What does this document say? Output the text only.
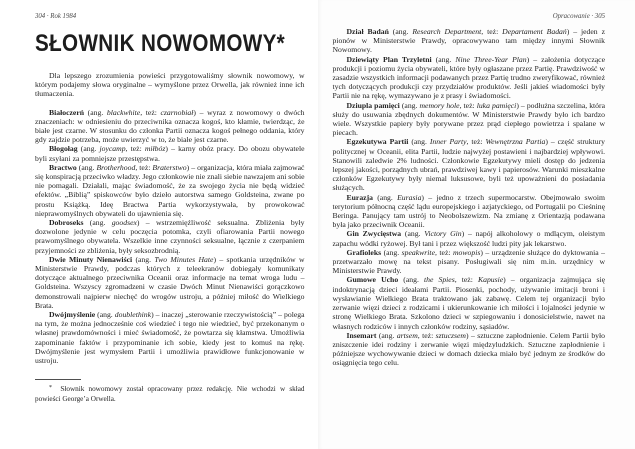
304 · Rok 1984
SŁOWNIK NOWOMOWY*

Dla lepszego zrozumienia powieści przygotowaliśmy słownik nowomowy, w którym podajemy słowa oryginalne – wymyślone przez Orwella, jak również inne ich tłumaczenia.

Białoczerń (ang. blackwhite, też: czarnobiał) – wyraz z nowomowy o dwóch znaczeniach: w odniesieniu do przeciwnika oznacza kogoś, kto kłamie, twierdząc, że białe jest czarne. W stosunku do członka Partii oznacza kogoś pełnego oddania, który gdy zajdzie potrzeba, może uwierzyć w to, że białe jest czarne.

Błogołag (ang. joycamp, też: miłbóz) – karny obóz pracy. Do obozu obywatele byli zsyłani za pomniejsze przestępstwa.

Bractwo (ang. Brotherhood, też: Braterstwo) – organizacja, która miała zajmować się konspiracją przeciwko władzy. Jego członkowie nie znali siebie nawzajem ani sobie nie pomagali. Działali, mając świadomość, że za swojego życia nie będą widzieć efektów. „Biblią” spiskowców było dzieło autorstwa samego Goldsteina, zwane po prostu Książką. Ideę Bractwa Partia wykorzystywała, by prowokować nieprawomyślnych obywateli do ujawnienia się.

Dobroseks (ang. goodsex) – wstrzemięźliwość seksualna. Zbliżenia były dozwolone jedynie w celu poczęcia potomka, czyli ofiarowania Partii nowego prawomyślnego obywatela. Wszelkie inne czynności seksualne, łącznie z czerpaniem przyjemności ze zbliżenia, były seksozbrodnią.

Dwie Minuty Nienawiści (ang. Two Minutes Hate) – spotkania urzędników w Ministerstwie Prawdy, podczas których z teleekranów dobiegały komunikaty dotyczące aktualnego przeciwnika Oceanii oraz informacje na temat wroga ludu – Goldsteina. Wszyscy zgromadzeni w czasie Dwóch Minut Nienawiści gorączkowo demonstrowali najpierw niechęć do wrogów ustroju, a później miłość do Wielkiego Brata.

Dwójmyślenie (ang. doublethink) – inaczej „sterowanie rzeczywistością” – polega na tym, że można jednocześnie coś wiedzieć i tego nie wiedzieć, być przekonanym o własnej prawdomówności i mieć świadomość, że powtarza się kłamstwa. Umożliwia zapominanie faktów i przypominanie ich sobie, kiedy jest to komuś na rękę. Dwójmyślenie jest wymysłem Partii i umożliwia prawidłowe funkcjonowanie w ustroju.

* Słownik nowomowy został opracowany przez redakcję. Nie wchodzi w skład powieści George’a Orwella.

Opracowanie · 305

Dział Badań (ang. Research Department, też: Departament Badań) – jeden z pionów w Ministerstwie Prawdy, opracowywano tam między innymi Słownik Nowomowy.

Dziewiąty Plan Trzyletni (ang. Nine Three-Year Plan) – założenia dotyczące produkcji i poziomu życia obywateli, które były ogłaszane przez Partię. Prawdziwość w zasadzie wszystkich informacji podawanych przez Partię trudno zweryfikować, również tych dotyczących produkcji czy przydziałów produktów. Jeśli jakieś wiadomości były Partii nie na rękę, wymazywano je z prasy i świadomości.

Dziupla pamięci (ang. memory hole, też: luka pamięci) – podłużna szczelina, która służy do usuwania zbędnych dokumentów. W Ministerstwie Prawdy było ich bardzo wiele. Wszystkie papiery były porywane przez prąd ciepłego powietrza i spalane w piecach.

Egzekutywa Partii (ang. Inner Party, też: Wewnętrzna Partia) – część struktury politycznej w Oceanii, elita Partii, ludzie najwyżej postawieni i najbardziej wpływowi. Stanowili zaledwie 2% ludności. Członkowie Egzekutywy mieli dostęp do jedzenia lepszej jakości, porządnych ubrań, prawdziwej kawy i papierosów. Warunki mieszkalne członków Egzekutywy były niemal luksusowe, byli też upoważnieni do posiadania służących.

Eurazja (ang. Eurasia) – jedno z trzech supermocarstw. Obejmowało swoim terytorium północną część lądu europejskiego i azjatyckiego, od Portugalii po Cieśninę Beringa. Panujący tam ustrój to Neobolszewizm. Na zmianę z Orientazją podawana była jako przeciwnik Oceanii.

Gin Zwycięstwa (ang. Victory Gin) – napój alkoholowy o mdlącym, oleistym zapachu wódki ryżowej. Był tani i przez większość ludzi pity jak lekarstwo.

Grafioleks (ang. speakwrite, też: mowopis) – urządzenie służące do dyktowania – przetwarzało mowę na tekst pisany. Posługiwali się nim m.in. urzędnicy w Ministerstwie Prawdy.

Gumowe Ucho (ang. the Spies, też: Kapusie) – organizacja zajmująca się indoktrynacją dzieci ideałami Partii. Piosenki, pochody, używanie imitacji broni i wysławianie Wielkiego Brata traktowano jak zabawę. Celem tej organizacji było zerwanie więzi dzieci z rodzicami i ukierunkowanie ich miłości i lojalności jedynie w stronę Wielkiego Brata. Szkolono dzieci w szpiegowaniu i donosicielstwie, nawet na własnych rodziców i innych członków rodziny, sąsiadów.

Insemart (ang. artsem, też: sztuczsem) – sztuczne zapłodnienie. Celem Partii było zniszczenie idei rodziny i zerwanie więzi międzyludzkich. Sztuczne zapłodnienie i późniejsze wychowywanie dzieci w domach dziecka miało być jednym ze środków do osiągnięcia tego celu.
